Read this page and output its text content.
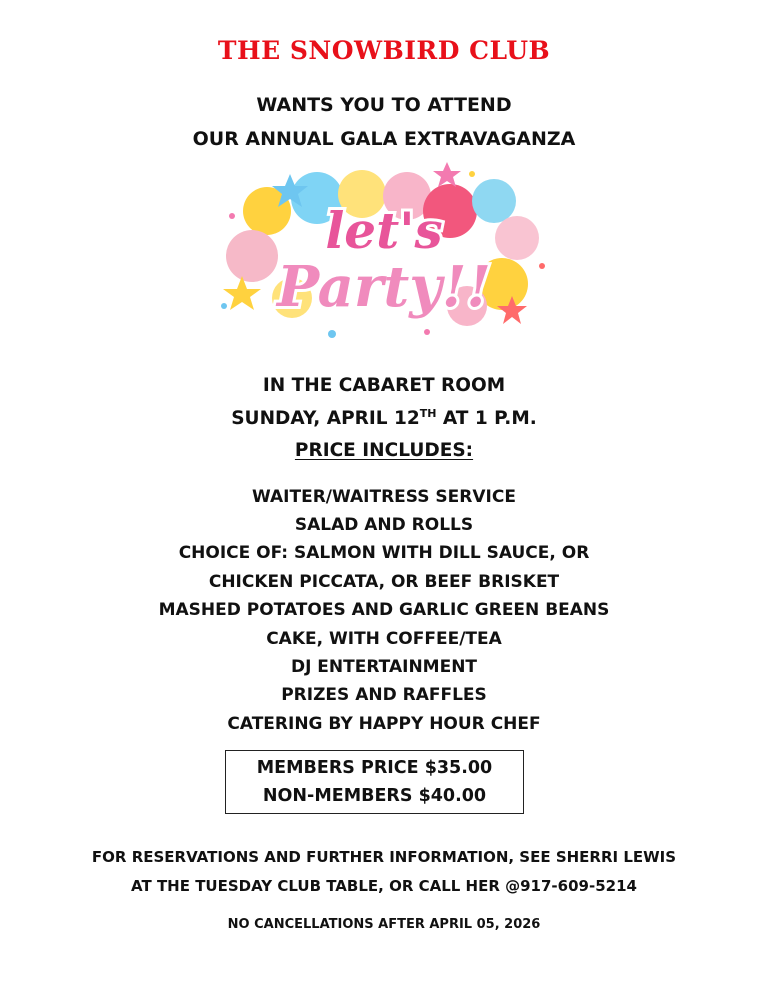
THE SNOWBIRD CLUB
WANTS YOU TO ATTEND
OUR ANNUAL GALA EXTRAVAGANZA
let's
Party!!
IN THE CABARET ROOM
SUNDAY, APRIL 12TH AT 1 P.M.
PRICE INCLUDES:
WAITER/WAITRESS SERVICE
SALAD AND ROLLS
CHOICE OF: SALMON WITH DILL SAUCE, OR
CHICKEN PICCATA, OR BEEF BRISKET
MASHED POTATOES AND GARLIC GREEN BEANS
CAKE, WITH COFFEE/TEA
DJ ENTERTAINMENT
PRIZES AND RAFFLES
CATERING BY HAPPY HOUR CHEF
MEMBERS PRICE $35.00
NON-MEMBERS $40.00
FOR RESERVATIONS AND FURTHER INFORMATION, SEE SHERRI LEWIS
AT THE TUESDAY CLUB TABLE, OR CALL HER @917-609-5214
NO CANCELLATIONS AFTER APRIL 05, 2026
